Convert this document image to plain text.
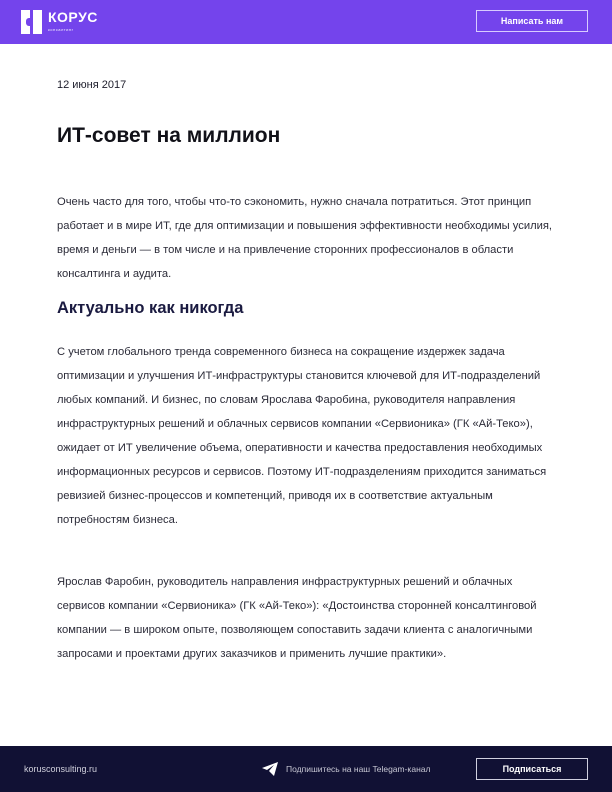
КОРУС
консалтинг
Написать нам
12 июня 2017
ИТ-совет на миллион

Очень часто для того, чтобы что-то сэкономить, нужно сначала потратиться. Этот принцип работает и в мире ИТ, где для оптимизации и повышения эффективности необходимы усилия, время и деньги — в том числе и на привлечение сторонних профессионалов в области консалтинга и аудита.

Актуально как никогда

С учетом глобального тренда современного бизнеса на сокращение издержек задача оптимизации и улучшения ИТ-инфраструктуры становится ключевой для ИТ-подразделений любых компаний. И бизнес, по словам Ярослава Фаробина, руководителя направления инфраструктурных решений и облачных сервисов компании «Сервионика» (ГК «Ай-Теко»), ожидает от ИТ увеличение объема, оперативности и качества предоставления необходимых информационных ресурсов и сервисов. Поэтому ИТ-подразделениям приходится заниматься ревизией бизнес-процессов и компетенций, приводя их в соответствие актуальным потребностям бизнеса.

Ярослав Фаробин, руководитель направления инфраструктурных решений и облачных сервисов компании «Сервионика» (ГК «Ай-Теко»): «Достоинства сторонней консалтинговой компании — в широком опыте, позволяющем сопоставить задачи клиента с аналогичными запросами и проектами других заказчиков и применить лучшие практики».

korusconsulting.ru	Подпишитесь на наш Telegam-канал	Подписаться
